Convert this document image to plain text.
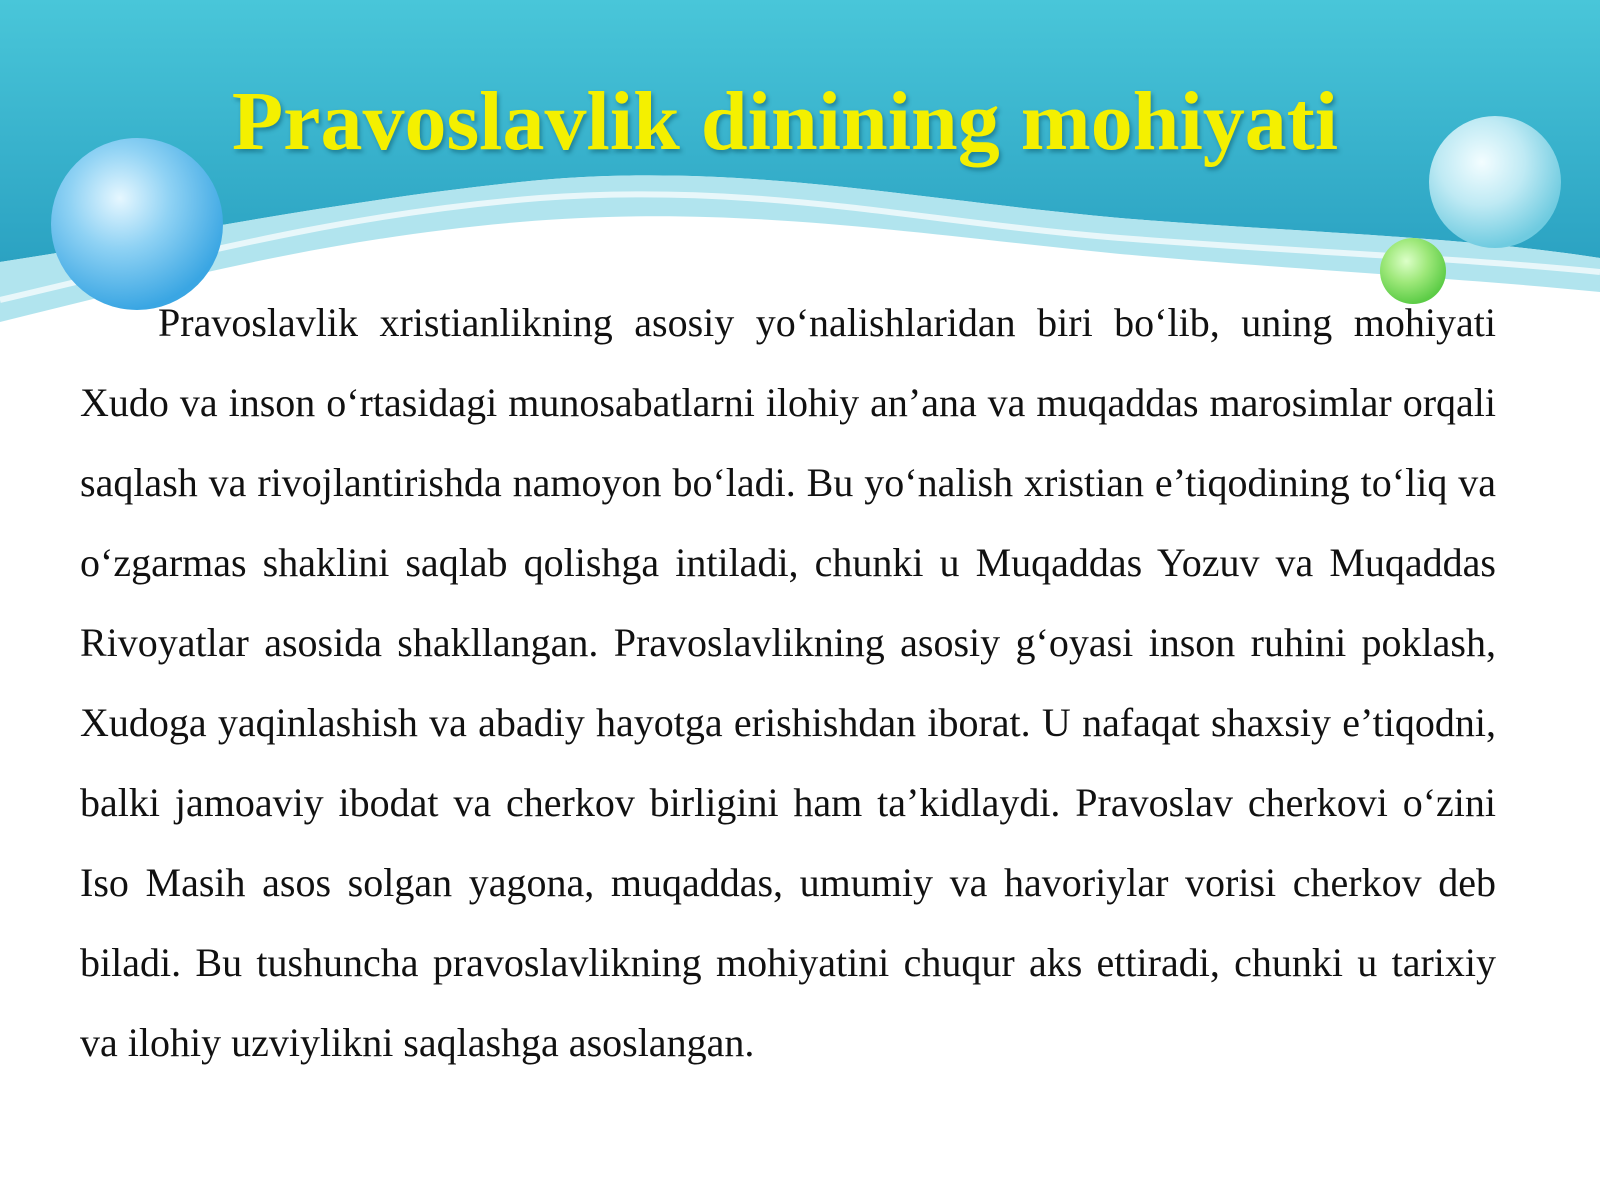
Pravoslavlik dinining mohiyati

Pravoslavlik xristianlikning asosiy yo‘nalishlaridan biri bo‘lib, uning mohiyati Xudo va inson o‘rtasidagi munosabatlarni ilohiy an’ana va muqaddas marosimlar orqali saqlash va rivojlantirishda namoyon bo‘ladi. Bu yo‘nalish xristian e’tiqodining to‘liq va o‘zgarmas shaklini saqlab qolishga intiladi, chunki u Muqaddas Yozuv va Muqaddas Rivoyatlar asosida shakllangan. Pravoslavlikning asosiy g‘oyasi inson ruhini poklash, Xudoga yaqinlashish va abadiy hayotga erishishdan iborat. U nafaqat shaxsiy e’tiqodni, balki jamoaviy ibodat va cherkov birligini ham ta’kidlaydi. Pravoslav cherkovi o‘zini Iso Masih asos solgan yagona, muqaddas, umumiy va havoriylar vorisi cherkov deb biladi. Bu tushuncha pravoslavlikning mohiyatini chuqur aks ettiradi, chunki u tarixiy va ilohiy uzviylikni saqlashga asoslangan.
